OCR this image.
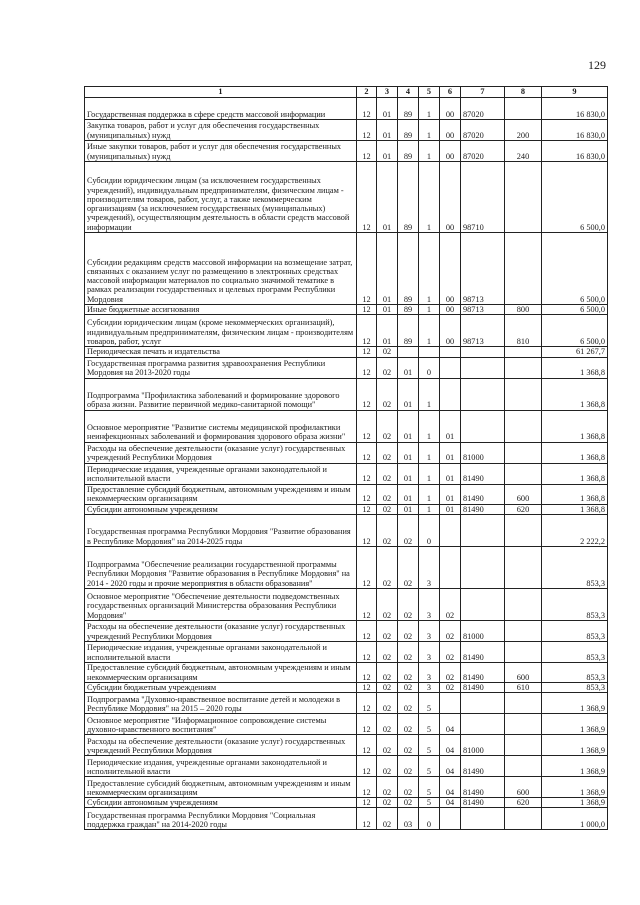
129
1	2	3	4	5	6	7	8	9
Государственная поддержка в сфере средств массовой информации	12	01	89	1	00	87020		16 830,0
Закупка товаров, работ и услуг для обеспечения государственных (муниципальных) нужд	12	01	89	1	00	87020	200	16 830,0
Иные закупки товаров, работ и услуг для обеспечения государственных (муниципальных) нужд	12	01	89	1	00	87020	240	16 830,0
Субсидии юридическим лицам (за исключением государственных учреждений), индивидуальным предпринимателям, физическим лицам - производителям товаров, работ, услуг, а также некоммерческим организациям (за исключением государственных (муниципальных) учреждений), осуществляющим деятельность в области средств массовой информации	12	01	89	1	00	98710		6 500,0
Субсидии редакциям средств массовой информации на возмещение затрат, связанных с оказанием услуг по размещению в электронных средствах массовой информации материалов по социально значимой тематике в рамках реализации государственных и целевых программ Республики Мордовия	12	01	89	1	00	98713		6 500,0
Иные бюджетные ассигнования	12	01	89	1	00	98713	800	6 500,0
Субсидии юридическим лицам (кроме некоммерческих организаций), индивидуальным предпринимателям, физическим лицам - производителям товаров, работ, услуг	12	01	89	1	00	98713	810	6 500,0
Периодическая печать и издательства	12	02						61 267,7
Государственная программа развития здравоохранения Республики Мордовия на 2013-2020 годы	12	02	01	0				1 368,8
Подпрограмма "Профилактика заболеваний и формирование здорового образа жизни. Развитие первичной медико-санитарной помощи"	12	02	01	1				1 368,8
Основное мероприятие "Развитие системы медицинской профилактики неинфекционных заболеваний и формирования здорового образа жизни"	12	02	01	1	01			1 368,8
Расходы на обеспечение деятельности (оказание услуг) государственных учреждений Республики Мордовия	12	02	01	1	01	81000		1 368,8
Периодические издания, учрежденные органами законодательной и исполнительной власти	12	02	01	1	01	81490		1 368,8
Предоставление субсидий бюджетным, автономным учреждениям и иным некоммерческим организациям	12	02	01	1	01	81490	600	1 368,8
Субсидии автономным учреждениям	12	02	01	1	01	81490	620	1 368,8
Государственная программа Республики Мордовия "Развитие образования в Республике Мордовия" на 2014-2025 годы	12	02	02	0				2 222,2
Подпрограмма "Обеспечение реализации государственной программы Республики Мордовия "Развитие образования в Республике Мордовия" на 2014 - 2020 годы и прочие мероприятия в области образования"	12	02	02	3				853,3
Основное мероприятие "Обеспечение деятельности подведомственных государственных организаций Министерства образования Республики Мордовия"	12	02	02	3	02			853,3
Расходы на обеспечение деятельности (оказание услуг) государственных учреждений Республики Мордовия	12	02	02	3	02	81000		853,3
Периодические издания, учрежденные органами законодательной и исполнительной власти	12	02	02	3	02	81490		853,3
Предоставление субсидий бюджетным, автономным учреждениям и иным некоммерческим организациям	12	02	02	3	02	81490	600	853,3
Субсидии бюджетным учреждениям	12	02	02	3	02	81490	610	853,3
Подпрограмма "Духовно-нравственное воспитание детей и молодежи в Республике Мордовия" на 2015 – 2020 годы	12	02	02	5				1 368,9
Основное мероприятие "Информационное сопровождение системы духовно-нравственного воспитания"	12	02	02	5	04			1 368,9
Расходы на обеспечение деятельности (оказание услуг) государственных учреждений Республики Мордовия	12	02	02	5	04	81000		1 368,9
Периодические издания, учрежденные органами законодательной и исполнительной власти	12	02	02	5	04	81490		1 368,9
Предоставление субсидий бюджетным, автономным учреждениям и иным некоммерческим организациям	12	02	02	5	04	81490	600	1 368,9
Субсидии автономным учреждениям	12	02	02	5	04	81490	620	1 368,9
Государственная программа Республики Мордовия "Социальная поддержка граждан" на 2014-2020 годы	12	02	03	0				1 000,0
